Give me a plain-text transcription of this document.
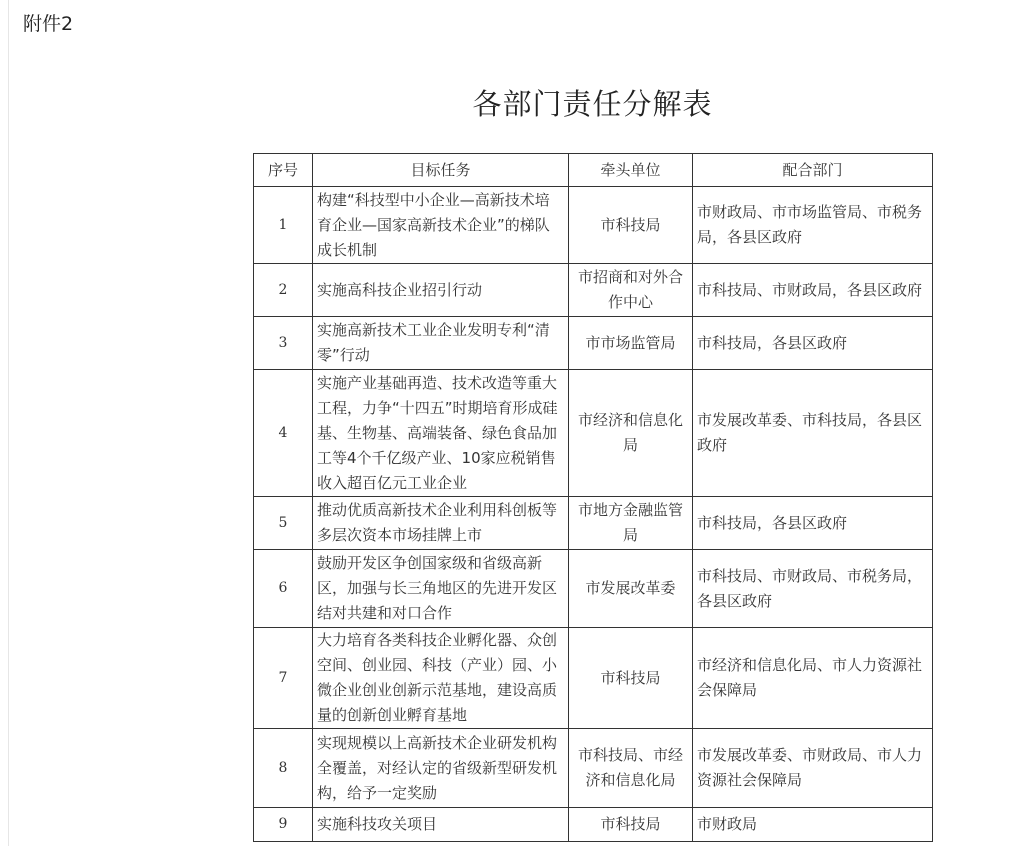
附件2
各部门责任分解表
序号	目标任务	牵头单位	配合部门
1	构建“科技型中小企业—高新技术培育企业—国家高新技术企业”的梯队成长机制	市科技局	市财政局、市市场监管局、市税务局，各县区政府
2	实施高科技企业招引行动	市招商和对外合作中心	市科技局、市财政局，各县区政府
3	实施高新技术工业企业发明专利“清零”行动	市市场监管局	市科技局，各县区政府
4	实施产业基础再造、技术改造等重大工程，力争“十四五”时期培育形成硅基、生物基、高端装备、绿色食品加工等4个千亿级产业、10家应税销售收入超百亿元工业企业	市经济和信息化局	市发展改革委、市科技局，各县区政府
5	推动优质高新技术企业利用科创板等多层次资本市场挂牌上市	市地方金融监管局	市科技局，各县区政府
6	鼓励开发区争创国家级和省级高新区，加强与长三角地区的先进开发区结对共建和对口合作	市发展改革委	市科技局、市财政局、市税务局，各县区政府
7	大力培育各类科技企业孵化器、众创空间、创业园、科技（产业）园、小微企业创业创新示范基地，建设高质量的创新创业孵育基地	市科技局	市经济和信息化局、市人力资源社会保障局
8	实现规模以上高新技术企业研发机构全覆盖，对经认定的省级新型研发机构，给予一定奖励	市科技局、市经济和信息化局	市发展改革委、市财政局、市人力资源社会保障局
9	实施科技攻关项目	市科技局	市财政局
